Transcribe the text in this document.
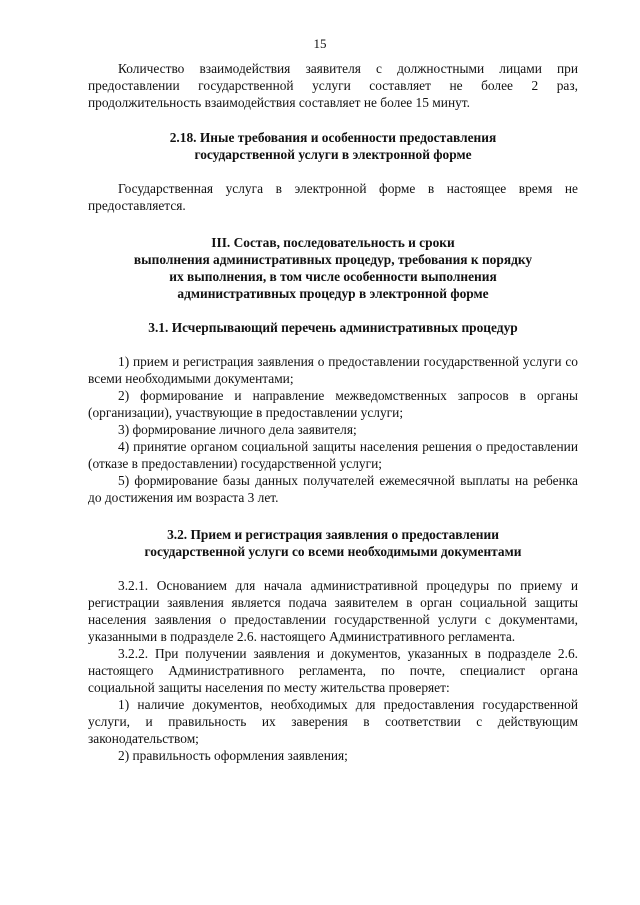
15

Количество взаимодействия заявителя с должностными лицами при предоставлении государственной услуги составляет не более 2 раз, продолжительность взаимодействия составляет не более 15 минут.

2.18. Иные требования и особенности предоставления
государственной услуги в электронной форме

Государственная услуга в электронной форме в настоящее время не предоставляется.

III. Состав, последовательность и сроки
выполнения административных процедур, требования к порядку
их выполнения, в том числе особенности выполнения
административных процедур в электронной форме
3.1. Исчерпывающий перечень административных процедур

1) прием и регистрация заявления о предоставлении государственной услуги со всеми необходимыми документами;

2) формирование и направление межведомственных запросов в органы (организации), участвующие в предоставлении услуги;

3) формирование личного дела заявителя;

4) принятие органом социальной защиты населения решения о предоставлении (отказе в предоставлении) государственной услуги;

5) формирование базы данных получателей ежемесячной выплаты на ребенка до достижения им возраста 3 лет.

3.2. Прием и регистрация заявления о предоставлении
государственной услуги со всеми необходимыми документами

3.2.1. Основанием для начала административной процедуры по приему и регистрации заявления является подача заявителем в орган социальной защиты населения заявления о предоставлении государственной услуги с документами, указанными в подразделе 2.6. настоящего Административного регламента.

3.2.2. При получении заявления и документов, указанных в подразделе 2.6. настоящего Административного регламента, по почте, специалист органа социальной защиты населения по месту жительства проверяет:

1) наличие документов, необходимых для предоставления государственной услуги, и правильность их заверения в соответствии с действующим законодательством;

2) правильность оформления заявления;
